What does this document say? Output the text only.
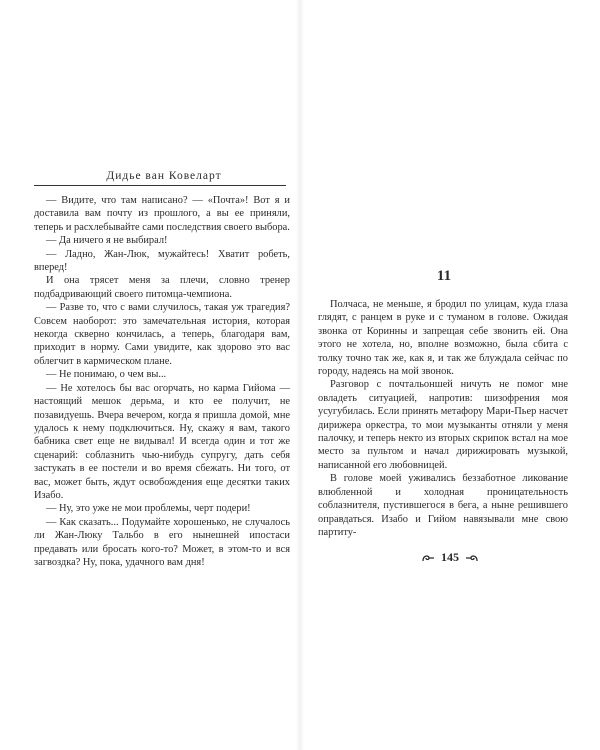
Дидье ван Ковеларт

— Видите, что там написано? — «Почта»! Вот я и доставила вам почту из прошлого, а вы ее приняли, теперь и расхлебывайте сами последствия своего выбора.

— Да ничего я не выбирал!

— Ладно, Жан-Люк, мужайтесь! Хватит робеть, вперед!

И она трясет меня за плечи, словно тренер подбадривающий своего питомца-чемпиона.

— Разве то, что с вами случилось, такая уж трагедия? Совсем наоборот: это замечательная история, которая некогда скверно кончилась, а теперь, благодаря вам, приходит в норму. Сами увидите, как здорово это вас облегчит в кармическом плане.

— Не понимаю, о чем вы...

— Не хотелось бы вас огорчать, но карма Гийома — настоящий мешок дерьма, и кто ее получит, не позавидуешь. Вчера вечером, когда я пришла домой, мне удалось к нему подключиться. Ну, скажу я вам, такого бабника свет еще не видывал! И всегда один и тот же сценарий: соблазнить чью-нибудь супругу, дать себя застукать в ее постели и во время сбежать. Ни того, от вас, может быть, ждут освобождения еще десятки таких Изабо.

— Ну, это уже не мои проблемы, черт подери!

— Как сказать... Подумайте хорошенько, не случалось ли Жан-Люку Тальбо в его нынешней ипостаси предавать или бросать кого-то? Может, в этом-то и вся загвоздка? Ну, пока, удачного вам дня!

11

Полчаса, не меньше, я бродил по улицам, куда глаза глядят, с ранцем в руке и с туманом в голове. Ожидая звонка от Коринны и запрещая себе звонить ей. Она этого не хотела, но, вполне возможно, была сбита с толку точно так же, как я, и так же блуждала сейчас по городу, надеясь на мой звонок.

Разговор с почтальоншей ничуть не помог мне овладеть ситуацией, напротив: шизофрения моя усугубилась. Если принять метафору Мари-Пьер насчет дирижера оркестра, то мои музыканты отняли у меня палочку, и теперь некто из вторых скрипок встал на мое место за пультом и начал дирижировать музыкой, написанной его любовницей.

В голове моей уживались беззаботное ликование влюбленной и холодная проницательность соблазнителя, пустившегося в бега, а ныне решившего оправдаться. Изабо и Гийом навязывали мне свою партиту-

145
